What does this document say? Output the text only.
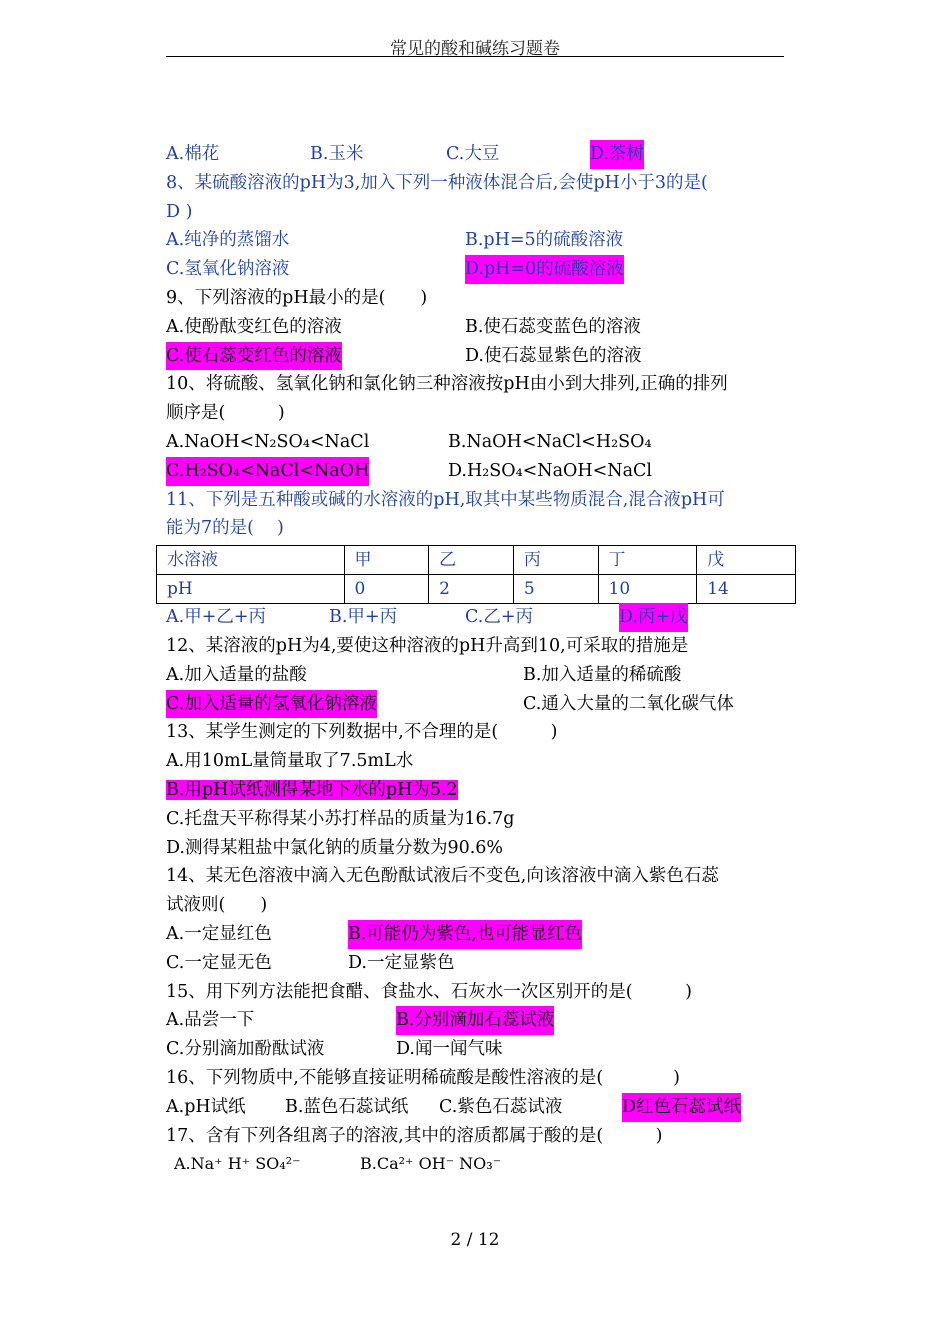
常见的酸和碱练习题卷
A.棉花	B.玉米	C.大豆	D.茶树
8、某硫酸溶液的pH为3,加入下列一种液体混合后,会使pH小于3的是(
D )
A.纯净的蒸馏水	B.pH=5的硫酸溶液
C.氢氧化钠溶液	D.pH=0的硫酸溶液
9、下列溶液的pH最小的是(　　)
A.使酚酞变红色的溶液	B.使石蕊变蓝色的溶液
C.使石蕊变红色的溶液	D.使石蕊显紫色的溶液
10、将硫酸、氢氧化钠和氯化钠三种溶液按pH由小到大排列,正确的排列
顺序是(　　　)
A.NaOH<N₂SO₄<NaCl	B.NaOH<NaCl<H₂SO₄
C.H₂SO₄<NaCl<NaOH	D.H₂SO₄<NaOH<NaCl
11、下列是五种酸或碱的水溶液的pH,取其中某些物质混合,混合液pH可
能为7的是(　 )
水溶液	甲	乙	丙	丁	戊
pH	0	2	5	10	14
A.甲+乙+丙	B.甲+丙	C.乙+丙	D.丙+戊
12、某溶液的pH为4,要使这种溶液的pH升高到10,可采取的措施是
A.加入适量的盐酸	B.加入适量的稀硫酸
C.加入适量的氢氧化钠溶液	C.通入大量的二氧化碳气体
13、某学生测定的下列数据中,不合理的是(　　　)
A.用10mL量筒量取了7.5mL水
B.用pH试纸测得某地下水的pH为5.2
C.托盘天平称得某小苏打样品的质量为16.7g
D.测得某粗盐中氯化钠的质量分数为90.6%
14、某无色溶液中滴入无色酚酞试液后不变色,向该溶液中滴入紫色石蕊
试液则(　　)
A.一定显红色	B.可能仍为紫色,也可能显红色
C.一定显无色	D.一定显紫色
15、用下列方法能把食醋、食盐水、石灰水一次区别开的是(　　　)
A.品尝一下	B.分别滴加石蕊试液
C.分别滴加酚酞试液	D.闻一闻气味
16、下列物质中,不能够直接证明稀硫酸是酸性溶液的是(　　　　)
A.pH试纸 B.蓝色石蕊试纸 C.紫色石蕊试液	D红色石蕊试纸
17、含有下列各组离子的溶液,其中的溶质都属于酸的是(　　　)
A.Na⁺ H⁺ SO₄²⁻	B.Ca²⁺ OH⁻ NO₃⁻
2 / 12
